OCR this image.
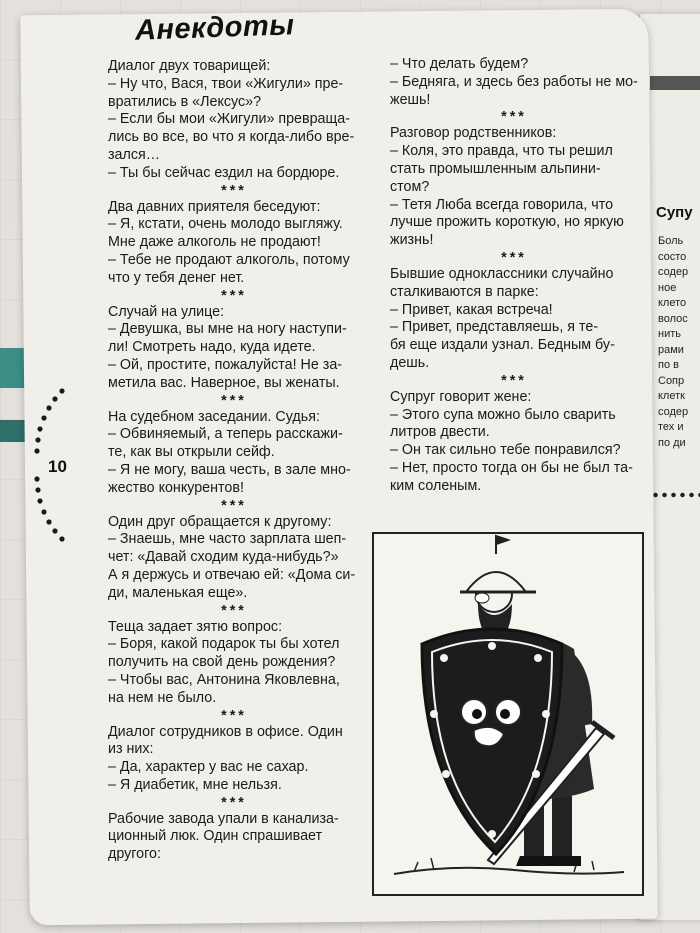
Супу
Боль
состо
содер
ное
клето
волос
нить
рами
по в
Сопр
клетк
содер
тех и
по ди
Анекдоты
10
Диалог двух товарищей:
– Ну что, Вася, твои «Жигули» пре-
вратились в «Лексус»?
– Если бы мои «Жигули» превраща-
лись во все, во что я когда-либо вре-
зался…
– Ты бы сейчас ездил на бордюре.
***
Два давних приятеля беседуют:
– Я, кстати, очень молодо выгляжу.
Мне даже алкоголь не продают!
– Тебе не продают алкоголь, потому
что у тебя денег нет.
***
Случай на улице:
– Девушка, вы мне на ногу наступи-
ли! Смотреть надо, куда идете.
– Ой, простите, пожалуйста! Не за-
метила вас. Наверное, вы женаты.
***
На судебном заседании. Судья:
– Обвиняемый, а теперь расскажи-
те, как вы открыли сейф.
– Я не могу, ваша честь, в зале мно-
жество конкурентов!
***
Один друг обращается к другому:
– Знаешь, мне часто зарплата шеп-
чет: «Давай сходим куда-нибудь?»
А я держусь и отвечаю ей: «Дома си-
ди, маленькая еще».
***
Теща задает зятю вопрос:
– Боря, какой подарок ты бы хотел
получить на свой день рождения?
– Чтобы вас, Антонина Яковлевна,
на нем не было.
***
Диалог сотрудников в офисе. Один
из них:
– Да, характер у вас не сахар.
– Я диабетик, мне нельзя.
***
Рабочие завода упали в канализа-
ционный люк. Один спрашивает
другого:
– Что делать будем?
– Бедняга, и здесь без работы не мо-
жешь!
***
Разговор родственников:
– Коля, это правда, что ты решил
стать промышленным альпини-
стом?
– Тетя Люба всегда говорила, что
лучше прожить короткую, но яркую
жизнь!
***
Бывшие одноклассники случайно
сталкиваются в парке:
– Привет, какая встреча!
– Привет, представляешь, я те-
бя еще издали узнал. Бедным бу-
дешь.
***
Супруг говорит жене:
– Этого супа можно было сварить
литров двести.
– Он так сильно тебе понравился?
– Нет, просто тогда он бы не был та-
ким соленым.
